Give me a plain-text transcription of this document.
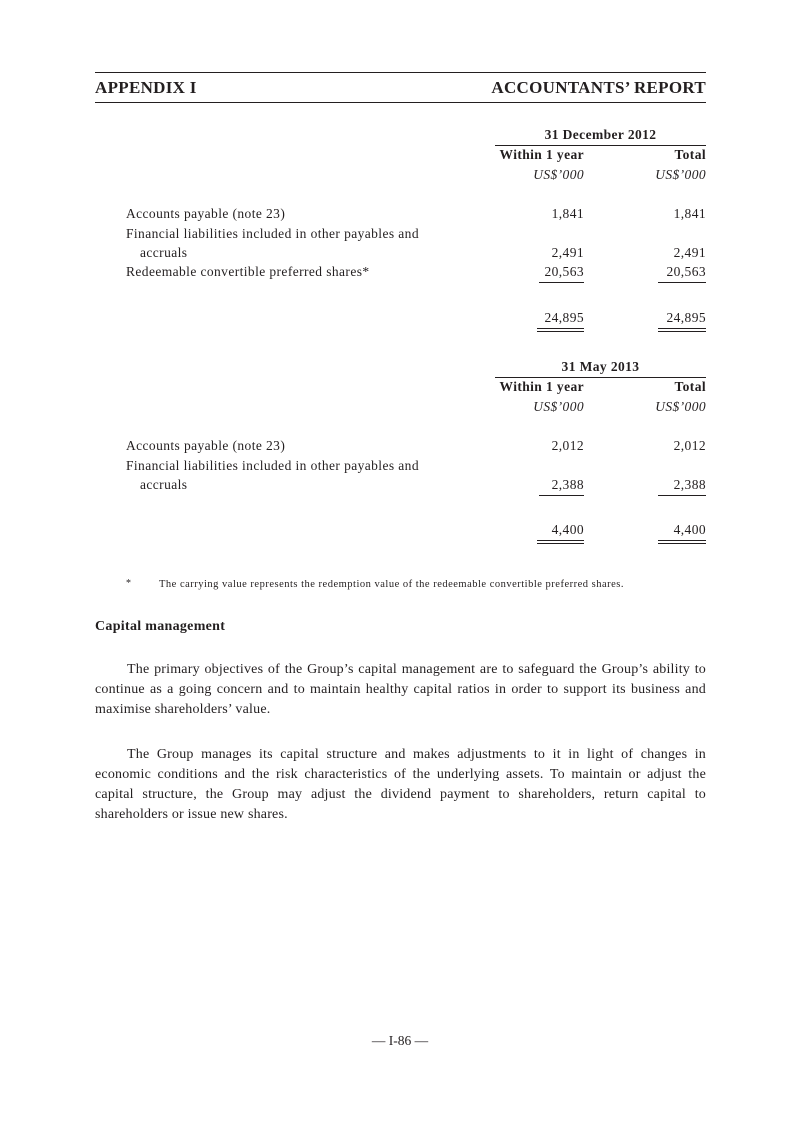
APPENDIX I	ACCOUNTANTS’ REPORT
31 December 2012
Within 1 year	Total
US$’000	US$’000
Accounts payable (note 23)	1,841	1,841
Financial liabilities included in other payables and
accruals	2,491	2,491
Redeemable convertible preferred shares*	20,563	20,563
24,895	24,895
31 May 2013
Within 1 year	Total
US$’000	US$’000
Accounts payable (note 23)	2,012	2,012
Financial liabilities included in other payables and
accruals	2,388	2,388
4,400	4,400
*	The carrying value represents the redemption value of the redeemable convertible preferred shares.
Capital management

The primary objectives of the Group’s capital management are to safeguard the Group’s ability to continue as a going concern and to maintain healthy capital ratios in order to support its business and maximise shareholders’ value.

The Group manages its capital structure and makes adjustments to it in light of changes in economic conditions and the risk characteristics of the underlying assets. To maintain or adjust the capital structure, the Group may adjust the dividend payment to shareholders, return capital to shareholders or issue new shares.

— I-86 —
